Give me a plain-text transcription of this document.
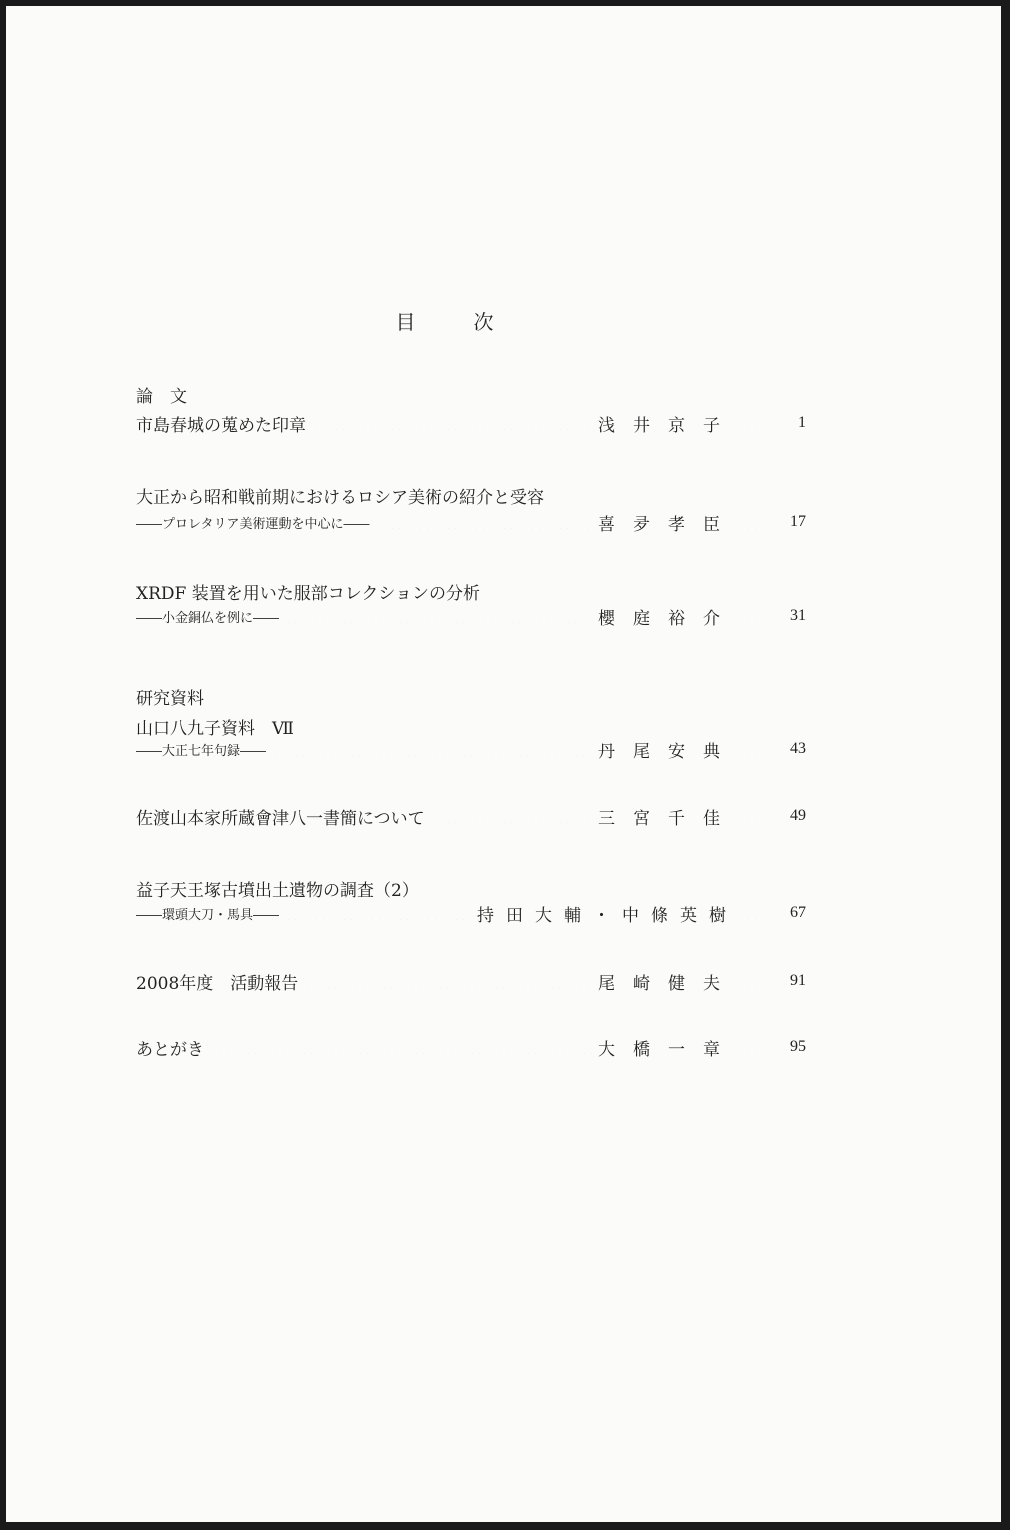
目次
論　文
市島春城の蒐めた印章	浅井京子	1
大正から昭和戦前期におけるロシア美術の紹介と受容
――プロレタリア美術運動を中心に――	喜夛孝臣	17
XRDF 装置を用いた服部コレクションの分析
――小金銅仏を例に――	櫻庭裕介	31
研究資料
山口八九子資料　Ⅶ
――大正七年句録――	丹尾安典	43
佐渡山本家所蔵會津八一書簡について	三宮千佳	49
益子天王塚古墳出土遺物の調査（2）
――環頭大刀・馬具――	持田大輔・中條英樹	67
2008年度　活動報告	尾崎健夫	91
あとがき	大橋一章	95
